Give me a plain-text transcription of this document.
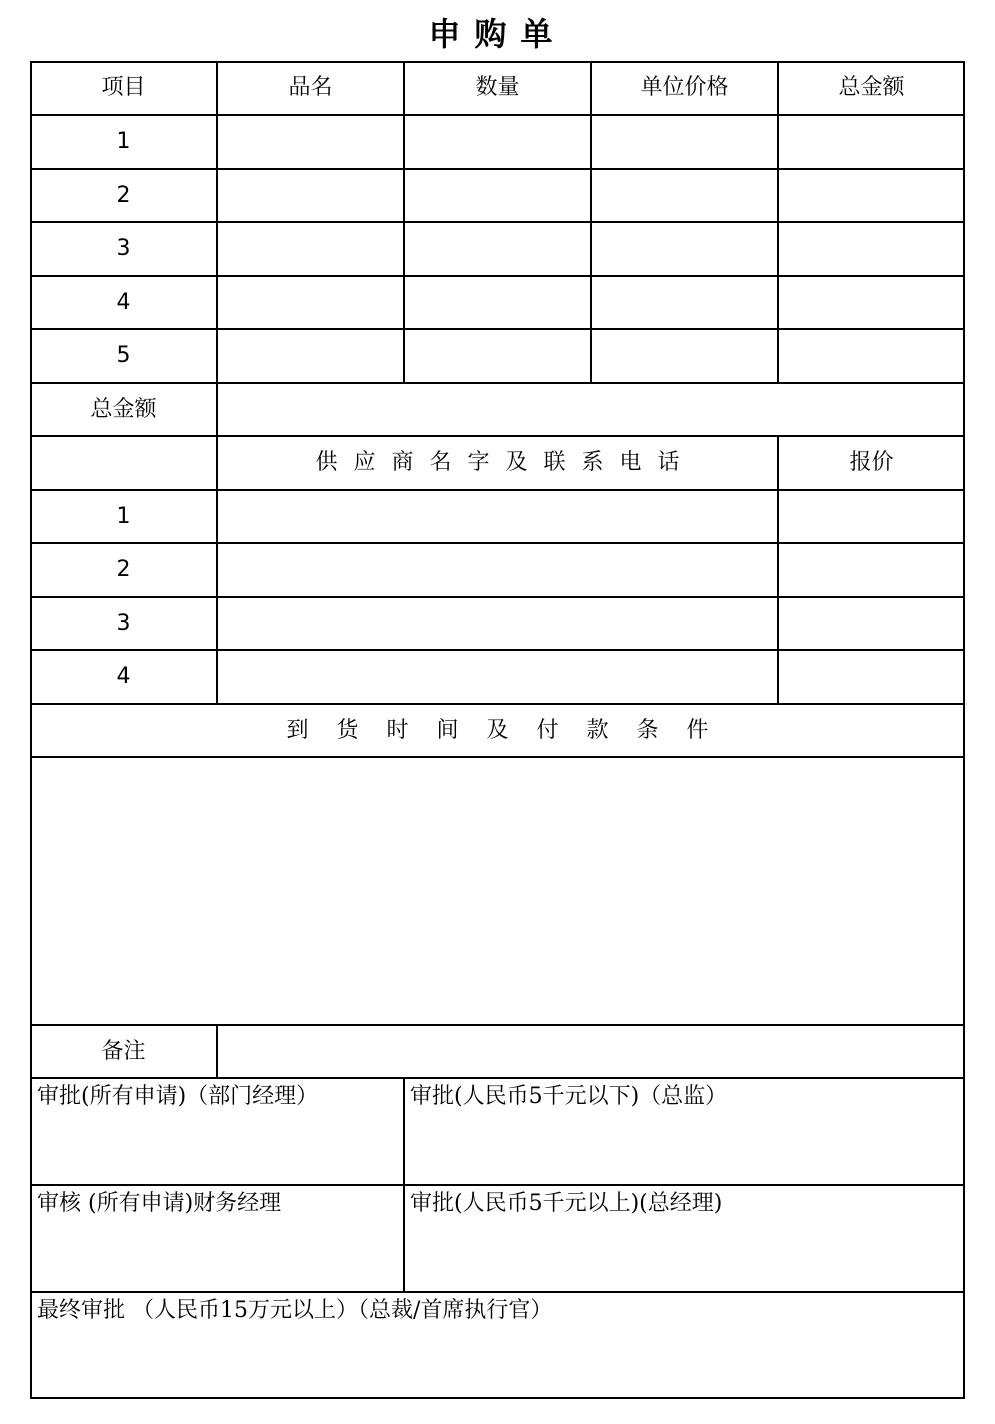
申购单
项目	品名	数量	单位价格	总金额
1
2
3
4
5
总金额
供应商名字及联系电话	报价
1
2
3
4
到货时间及付款条件
备注
审批(所有申请)（部门经理）	审批(人民币5千元以下)（总监）
审核 (所有申请)财务经理	审批(人民币5千元以上)(总经理)
最终审批 （人民币15万元以上）（总裁/首席执行官）
